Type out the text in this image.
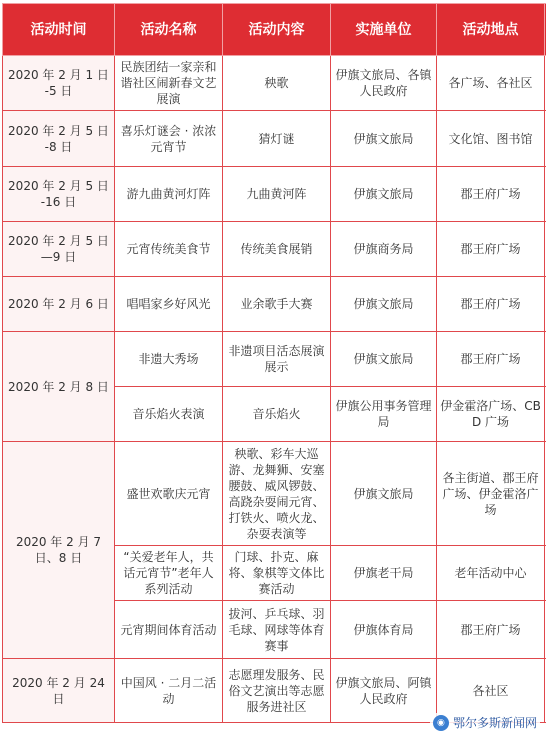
活动时间	活动名称	活动内容	实施单位	活动地点	
2020 年 2 月 1 日 -5 日	民族团结一家亲和谐社区闹新春文艺展演	秧歌	伊旗文旅局、各镇人民政府	各广场、各社区	
2020 年 2 月 5 日 -8 日	喜乐灯谜会 · 浓浓元宵节	猜灯谜	伊旗文旅局	文化馆、图书馆	
2020 年 2 月 5 日 -16 日	游九曲黄河灯阵	九曲黄河阵	伊旗文旅局	郡王府广场	
2020 年 2 月 5 日—9 日	元宵传统美食节	传统美食展销	伊旗商务局	郡王府广场	
2020 年 2 月 6 日	唱唱家乡好风光	业余歌手大赛	伊旗文旅局	郡王府广场	
2020 年 2 月 8 日	非遗大秀场	非遗项目活态展演展示	伊旗文旅局	郡王府广场	
	音乐焰火表演	音乐焰火	伊旗公用事务管理局	伊金霍洛广场、CBD 广场	
2020 年 2 月 7 日、8 日	盛世欢歌庆元宵	秧歌、彩车大巡游、龙舞狮、安塞腰鼓、威风锣鼓、高跷杂耍闹元宵、打铁火、喷火龙、杂耍表演等	伊旗文旅局	各主街道、郡王府广场、伊金霍洛广场	
	“关爱老年人，共话元宵节”老年人系列活动	门球、扑克、麻将、象棋等文体比赛活动	伊旗老干局	老年活动中心	
	元宵期间体育活动	拔河、乒乓球、羽毛球、网球等体育赛事	伊旗体育局	郡王府广场	
2020 年 2 月 24 日	中国风 · 二月二活动	志愿理发服务、民俗文艺演出等志愿服务进社区	伊旗文旅局、阿镇人民政府	各社区	
◉ 鄂尔多斯新闻网
